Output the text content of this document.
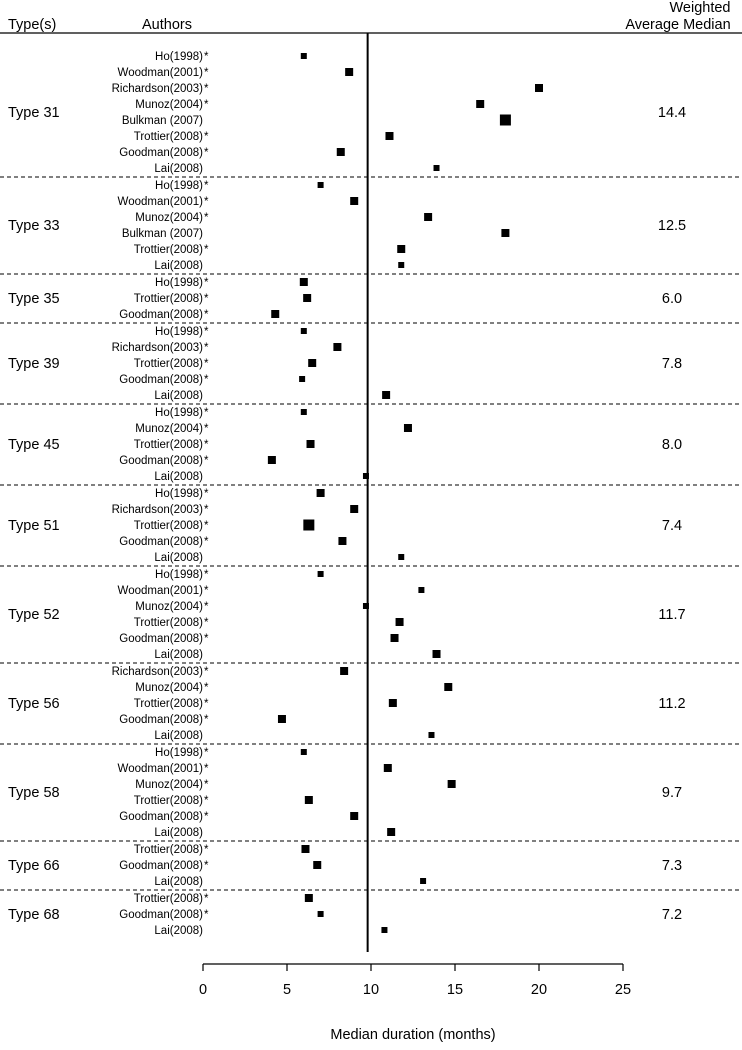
Type(s)	Authors
Weighted
Average Median
Ho(1998) *
Woodman(2001) *
Richardson(2003) *
Munoz(2004) *
Bulkman (2007)
Trottier(2008) *
Goodman(2008) *
Lai(2008)
Type 31	14.4
Ho(1998) *
Woodman(2001) *
Munoz(2004) *
Bulkman (2007)
Trottier(2008) *
Lai(2008)
Type 33	12.5
Ho(1998) *
Trottier(2008) *
Goodman(2008) *
Type 35	6.0
Ho(1998) *
Richardson(2003) *
Trottier(2008) *
Goodman(2008) *
Lai(2008)
Type 39	7.8
Ho(1998) *
Munoz(2004) *
Trottier(2008) *
Goodman(2008) *
Lai(2008)
Type 45	8.0
Ho(1998) *
Richardson(2003) *
Trottier(2008) *
Goodman(2008) *
Lai(2008)
Type 51	7.4
Ho(1998) *
Woodman(2001) *
Munoz(2004) *
Trottier(2008) *
Goodman(2008) *
Lai(2008)
Type 52	11.7
Richardson(2003) *
Munoz(2004) *
Trottier(2008) *
Goodman(2008) *
Lai(2008)
Type 56	11.2
Ho(1998) *
Woodman(2001) *
Munoz(2004) *
Trottier(2008) *
Goodman(2008) *
Lai(2008)
Type 58	9.7
Trottier(2008) *
Goodman(2008) *
Lai(2008)
Type 66	7.3
Trottier(2008) *
Goodman(2008) *
Lai(2008)
Type 68	7.2
0	5	10	15	20	25
Median duration (months)
